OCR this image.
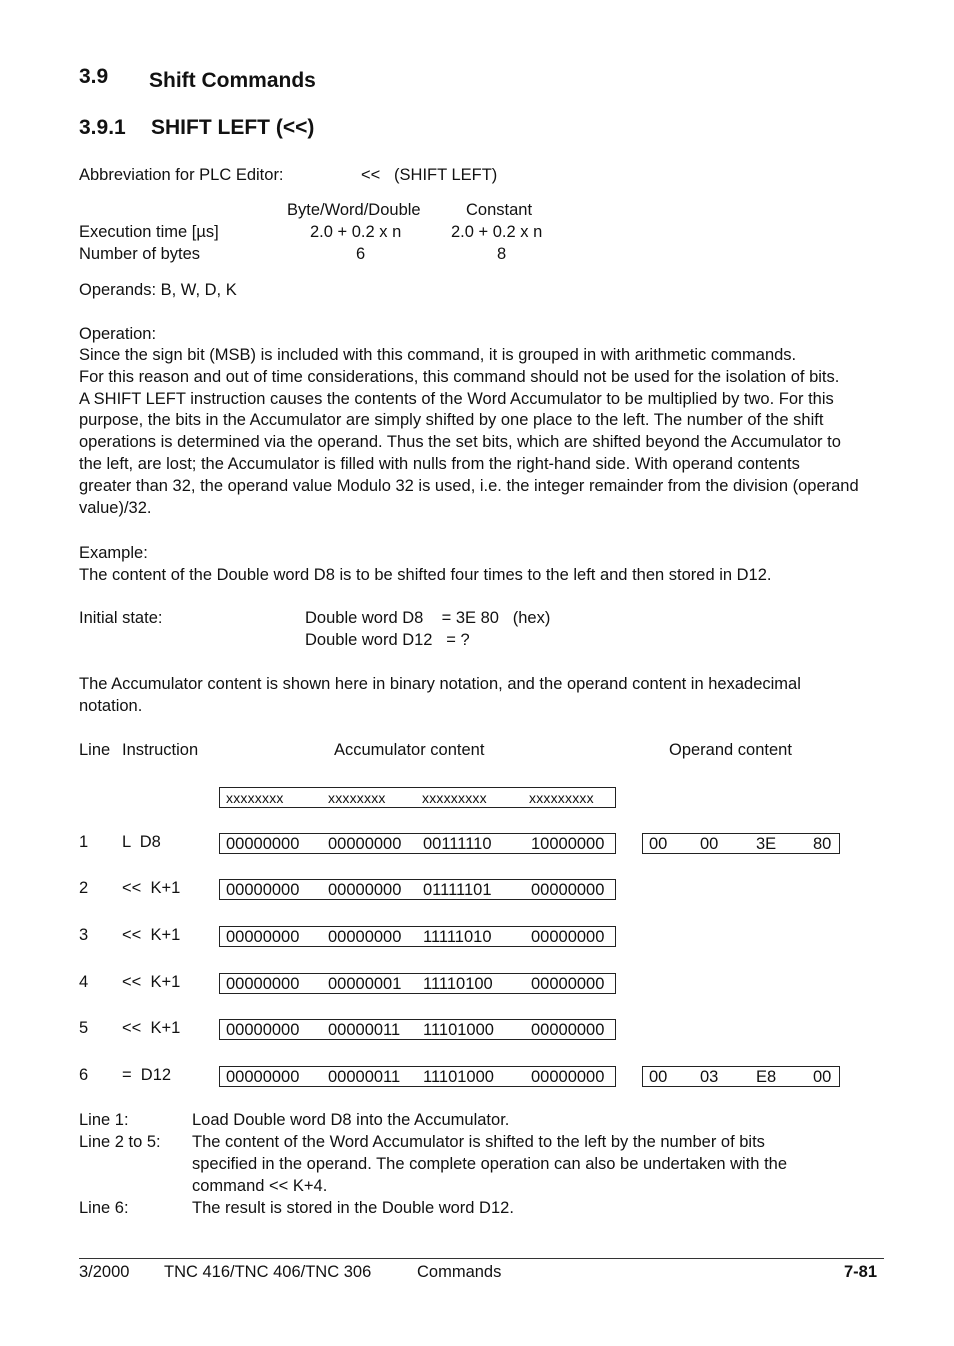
3.9 Shift Commands
3.9.1 SHIFT LEFT (<<)
Abbreviation for PLC Editor:	<<   (SHIFT LEFT)
Byte/Word/Double	Constant
Execution time [µs]	2.0 + 0.2 x n	2.0 + 0.2 x n
Number of bytes	6	8
Operands: B, W, D, K
Operation:
Since the sign bit (MSB) is included with this command, it is grouped in with arithmetic commands.
For this reason and out of time considerations, this command should not be used for the isolation of bits.
A SHIFT LEFT instruction causes the contents of the Word Accumulator to be multiplied by two. For this
purpose, the bits in the Accumulator are simply shifted by one place to the left. The number of the shift
operations is determined via the operand. Thus the set bits, which are shifted beyond the Accumulator to
the left, are lost; the Accumulator is filled with nulls from the right-hand side. With operand contents
greater than 32, the operand value Modulo 32 is used, i.e. the integer remainder from the division (operand
value)/32.
Example:
The content of the Double word D8 is to be shifted four times to the left and then stored in D12.
Initial state:	Double word D8    = 3E 80   (hex)
Double word D12   = ?
The Accumulator content is shown here in binary notation, and the operand content in hexadecimal
notation.
Line Instruction	Accumulator content	Operand content
xxxxxxxx	xxxxxxxx	xxxxxxxxx	xxxxxxxxx
1 L  D8	00000000 00000000 00111110 10000000	00 00 3E 80
2 <<  K+1	00000000 00000000 01111101 00000000
3 <<  K+1	00000000 00000000 11111010 00000000
4 <<  K+1	00000000 00000001 11110100 00000000
5 <<  K+1	00000000 00000011 11101000 00000000
6 =  D12	00000000 00000011 11101000 00000000	00 03 E8 00
Line 1:	Load Double word D8 into the Accumulator.
Line 2 to 5: The content of the Word Accumulator is shifted to the left by the number of bits
specified in the operand. The complete operation can also be undertaken with the
command << K+4.
Line 6:	The result is stored in the Double word D12.
3/2000 TNC 416/TNC 406/TNC 306	Commands	7-81
